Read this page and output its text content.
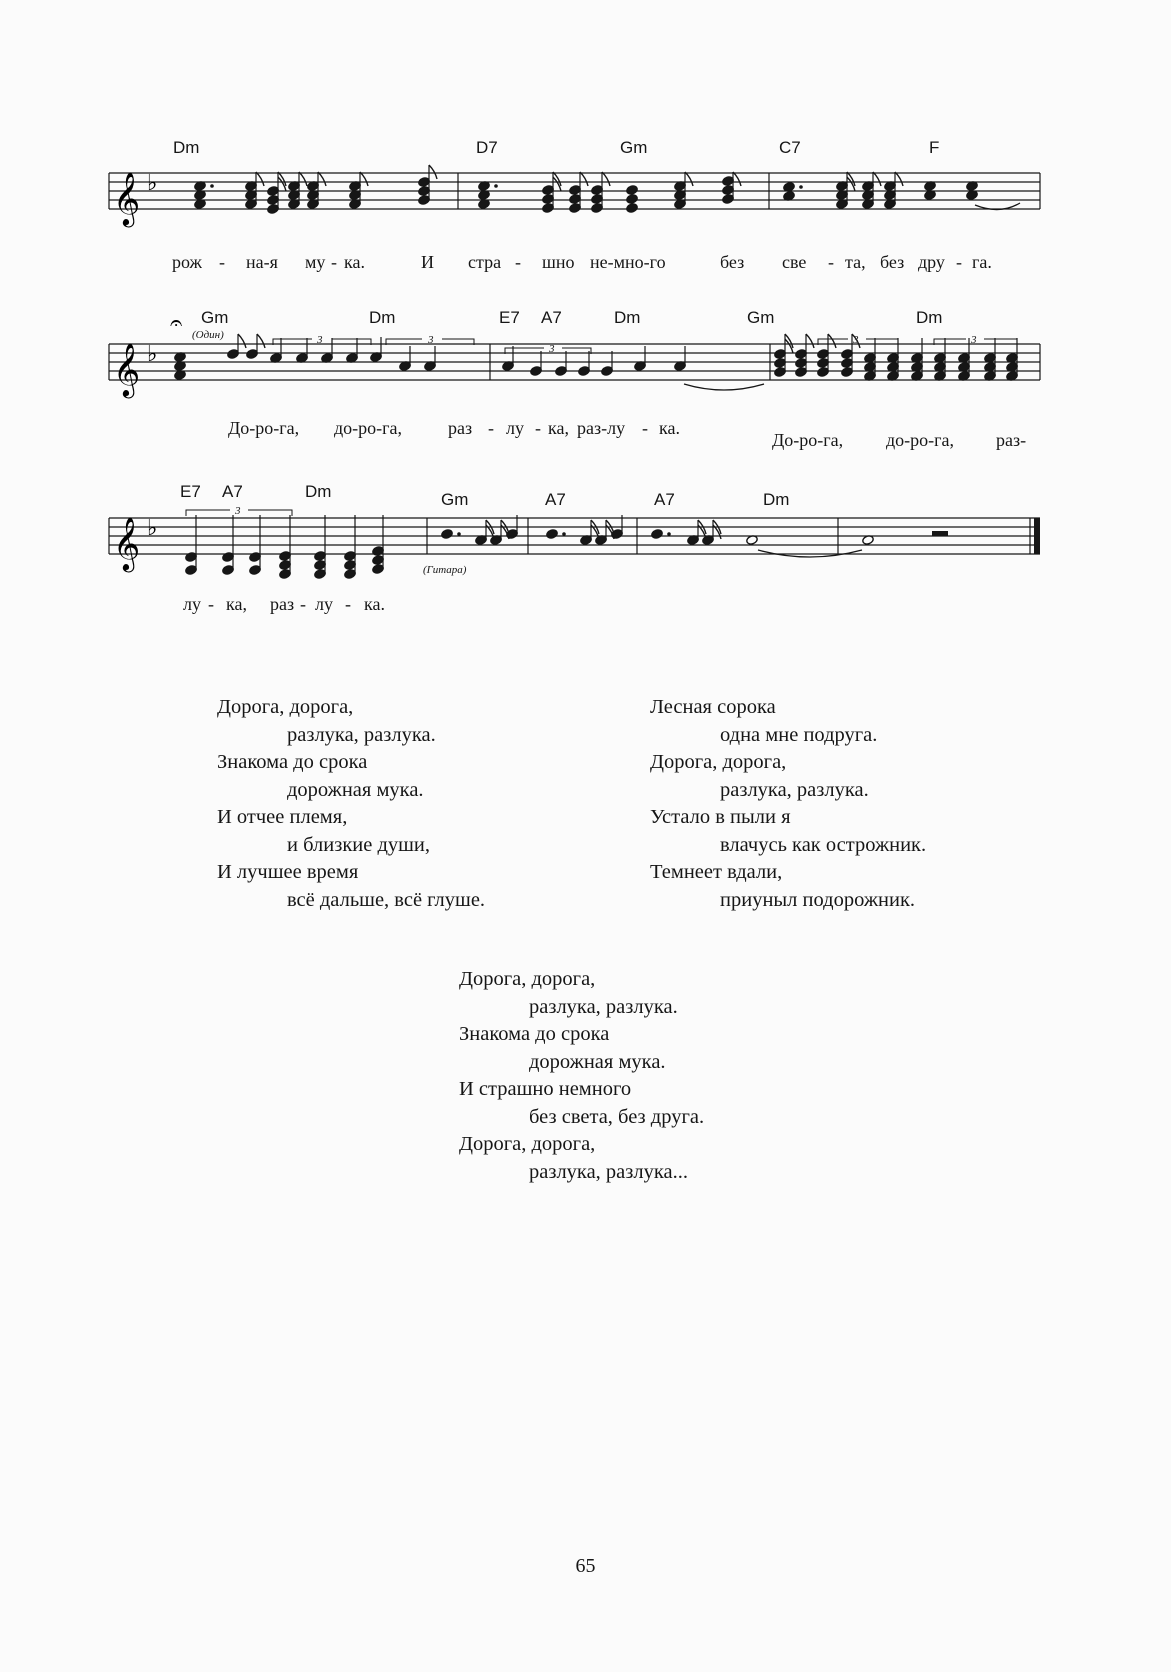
Dm	D7	Gm	C7	F
𝄞 ♭
рож - на-я му - ка.	И стра - шно не-мно-го	без све - та, без дру - га.
𝄐 Gm
(Один)
Dm	E7 A7	Dm	Gm	Dm
3	3
3
3	3
𝄞 ♭
До-ро-га, до-ро-га,	раз - лу - ка, раз-лу - ка.
До-ро-га, до-ро-га, раз-
E7 A7	Dm	Gm	A7	A7	Dm
3
𝄞 ♭
(Гитара)
лу - ка, раз - лу - ка.
Дорога, дорога,
разлука, разлука.
Знакома до срока
дорожная мука.
И отчее племя,
и близкие души,
И лучшее время
всё дальше, всё глуше.
Лесная сорока
одна мне подруга.
Дорога, дорога,
разлука, разлука.
Устало в пыли я
влачусь как острожник.
Темнеет вдали,
приуныл подорожник.
Дорога, дорога,
разлука, разлука.
Знакома до срока
дорожная мука.
И страшно немного
без света, без друга.
Дорога, дорога,
разлука, разлука...
65
